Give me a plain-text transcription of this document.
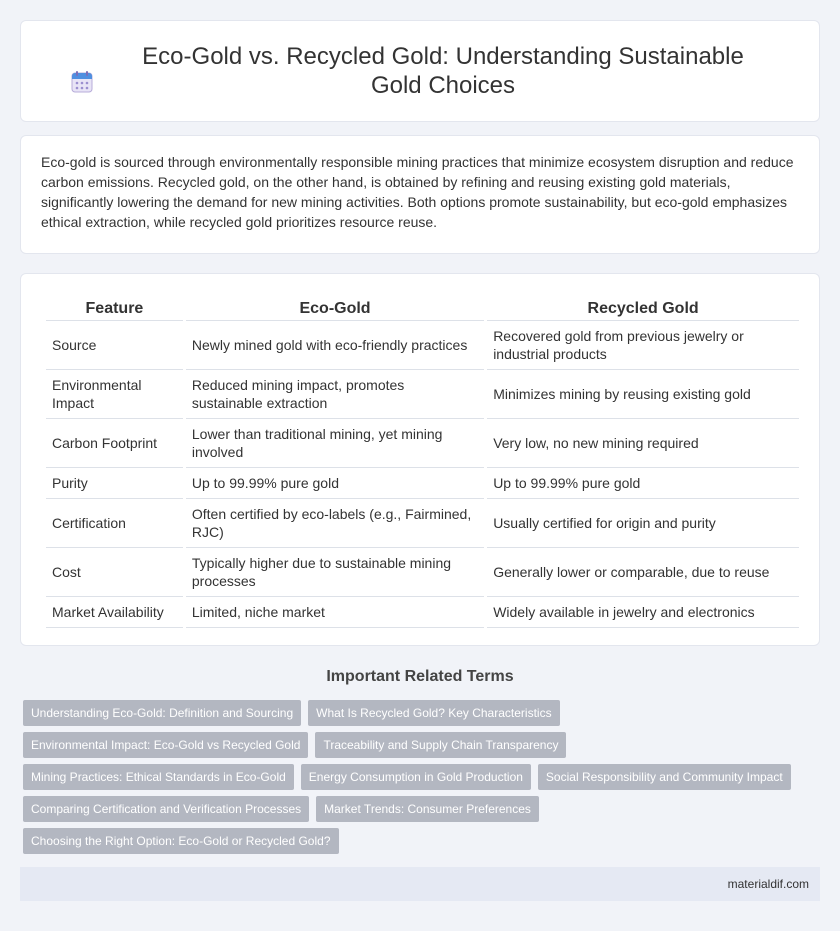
Eco-Gold vs. Recycled Gold: Understanding Sustainable Gold Choices

Eco-gold is sourced through environmentally responsible mining practices that minimize ecosystem disruption and reduce carbon emissions. Recycled gold, on the other hand, is obtained by refining and reusing existing gold materials, significantly lowering the demand for new mining activities. Both options promote sustainability, but eco-gold emphasizes ethical extraction, while recycled gold prioritizes resource reuse.

Feature	Eco-Gold	Recycled Gold
Source	Newly mined gold with eco-friendly practices	Recovered gold from previous jewelry or industrial products
Environmental Impact	Reduced mining impact, promotes sustainable extraction	Minimizes mining by reusing existing gold
Carbon Footprint	Lower than traditional mining, yet mining involved	Very low, no new mining required
Purity	Up to 99.99% pure gold	Up to 99.99% pure gold
Certification	Often certified by eco-labels (e.g., Fairmined, RJC)	Usually certified for origin and purity
Cost	Typically higher due to sustainable mining processes	Generally lower or comparable, due to reuse
Market Availability	Limited, niche market	Widely available in jewelry and electronics
Important Related Terms
Understanding Eco-Gold: Definition and Sourcing	What Is Recycled Gold? Key Characteristics
Environmental Impact: Eco-Gold vs Recycled Gold	Traceability and Supply Chain Transparency
Mining Practices: Ethical Standards in Eco-Gold	Energy Consumption in Gold Production	Social Responsibility and Community Impact
Comparing Certification and Verification Processes	Market Trends: Consumer Preferences
Choosing the Right Option: Eco-Gold or Recycled Gold?
materialdif.com
